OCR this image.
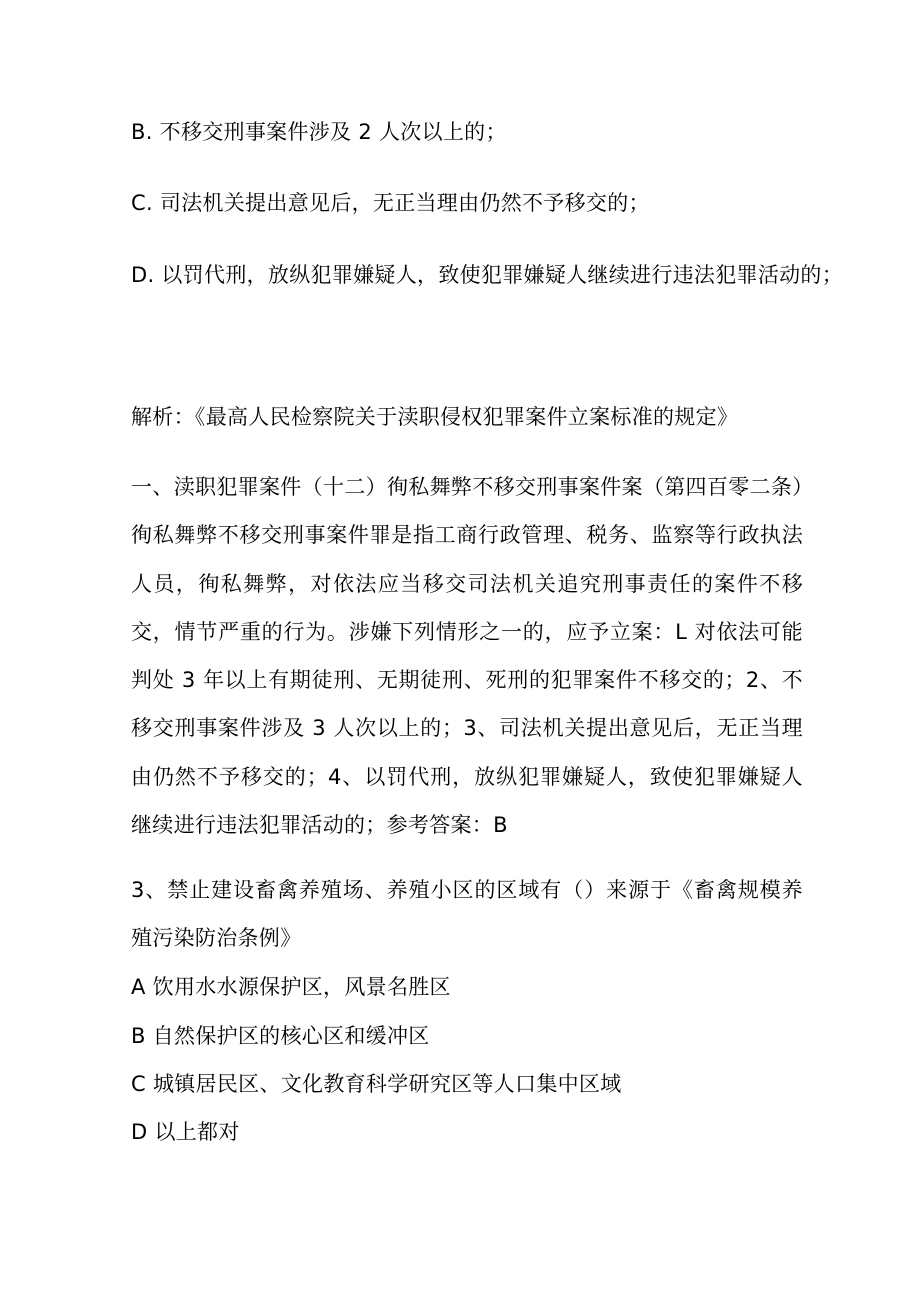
B. 不移交刑事案件涉及 2 人次以上的；
C. 司法机关提出意见后，无正当理由仍然不予移交的；
D. 以罚代刑，放纵犯罪嫌疑人，致使犯罪嫌疑人继续进行违法犯罪活动的；
解析：《最高人民检察院关于渎职侵权犯罪案件立案标准的规定》
一、渎职犯罪案件（十二）徇私舞弊不移交刑事案件案（第四百零二条）徇私舞弊不移交刑事案件罪是指工商行政管理、税务、监察等行政执法人员，徇私舞弊，对依法应当移交司法机关追究刑事责任的案件不移交，情节严重的行为。涉嫌下列情形之一的，应予立案：L 对依法可能判处 3 年以上有期徒刑、无期徒刑、死刑的犯罪案件不移交的；2、不移交刑事案件涉及 3 人次以上的；3、司法机关提出意见后，无正当理由仍然不予移交的；4、以罚代刑，放纵犯罪嫌疑人，致使犯罪嫌疑人继续进行违法犯罪活动的；参考答案：B
3、禁止建设畜禽养殖场、养殖小区的区域有（）来源于《畜禽规模养殖污染防治条例》
A 饮用水水源保护区，风景名胜区
B 自然保护区的核心区和缓冲区
C 城镇居民区、文化教育科学研究区等人口集中区域
D 以上都对
